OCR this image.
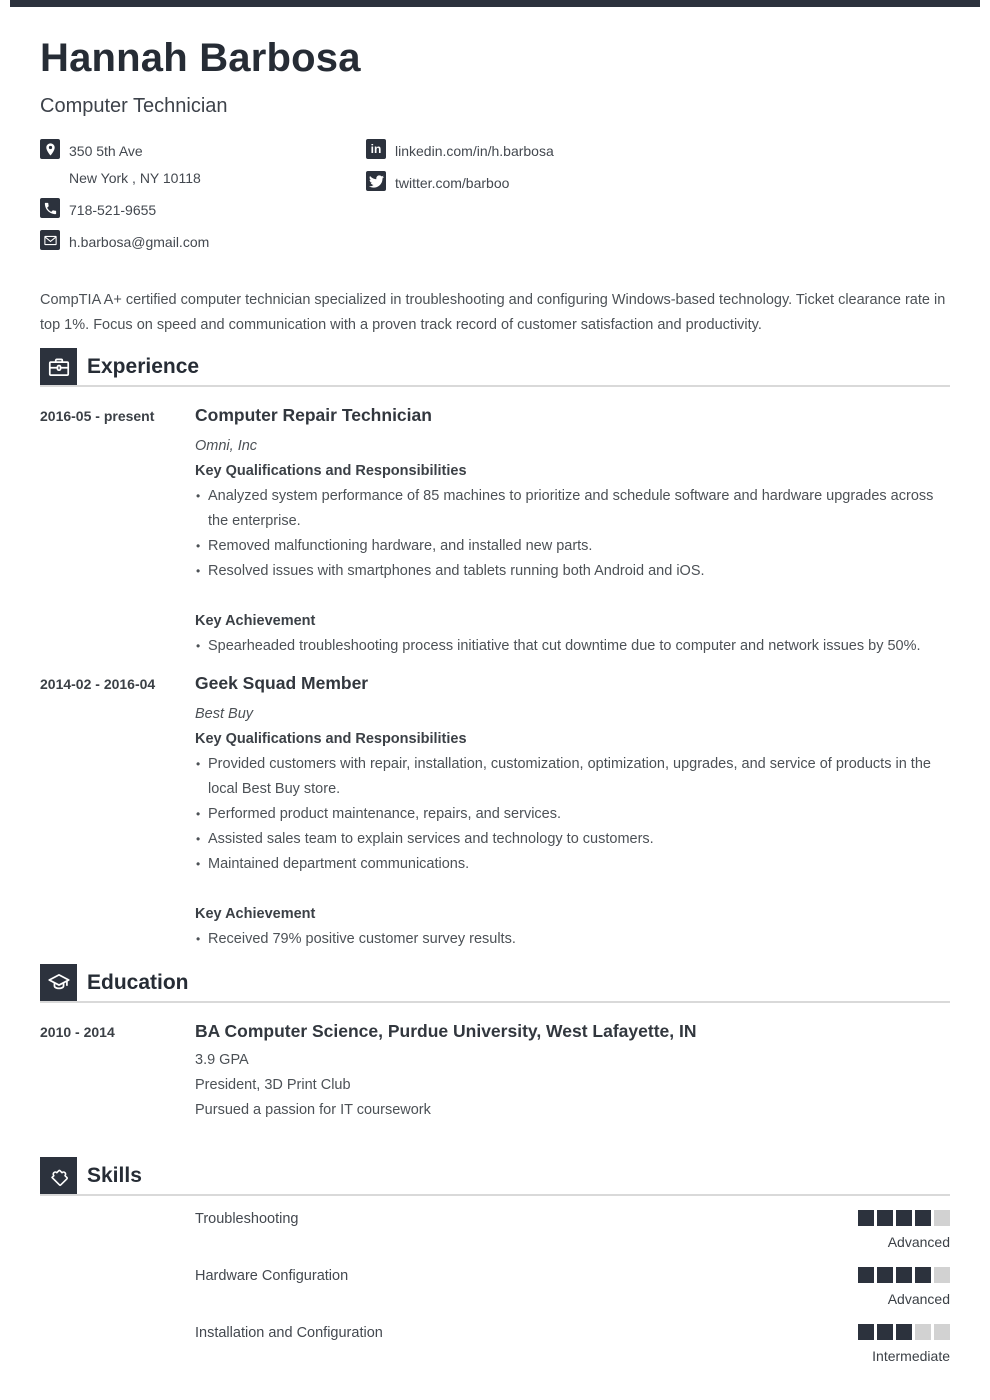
Hannah Barbosa
Computer Technician
350 5th Ave
New York , NY 10118
718-521-9655
h.barbosa@gmail.com
in linkedin.com/in/h.barbosa
twitter.com/barboo

CompTIA A+ certified computer technician specialized in troubleshooting and configuring Windows-based technology. Ticket clearance rate in top 1%. Focus on speed and communication with a proven track record of customer satisfaction and productivity.

Experience
2016-05 - present	Computer Repair Technician
Omni, Inc
Key Qualifications and Responsibilities
• Analyzed system performance of 85 machines to prioritize and schedule software and hardware upgrades across the enterprise.
• Removed malfunctioning hardware, and installed new parts.
• Resolved issues with smartphones and tablets running both Android and iOS.
Key Achievement
• Spearheaded troubleshooting process initiative that cut downtime due to computer and network issues by 50%.
2014-02 - 2016-04	Geek Squad Member
Best Buy
Key Qualifications and Responsibilities
• Provided customers with repair, installation, customization, optimization, upgrades, and service of products in the local Best Buy store.
• Performed product maintenance, repairs, and services.
• Assisted sales team to explain services and technology to customers.
• Maintained department communications.
Key Achievement
• Received 79% positive customer survey results.
Education
2010 - 2014	BA Computer Science, Purdue University, West Lafayette, IN
3.9 GPA
President, 3D Print Club
Pursued a passion for IT coursework
Skills
Troubleshooting
Advanced
Hardware Configuration
Advanced
Installation and Configuration
Intermediate
